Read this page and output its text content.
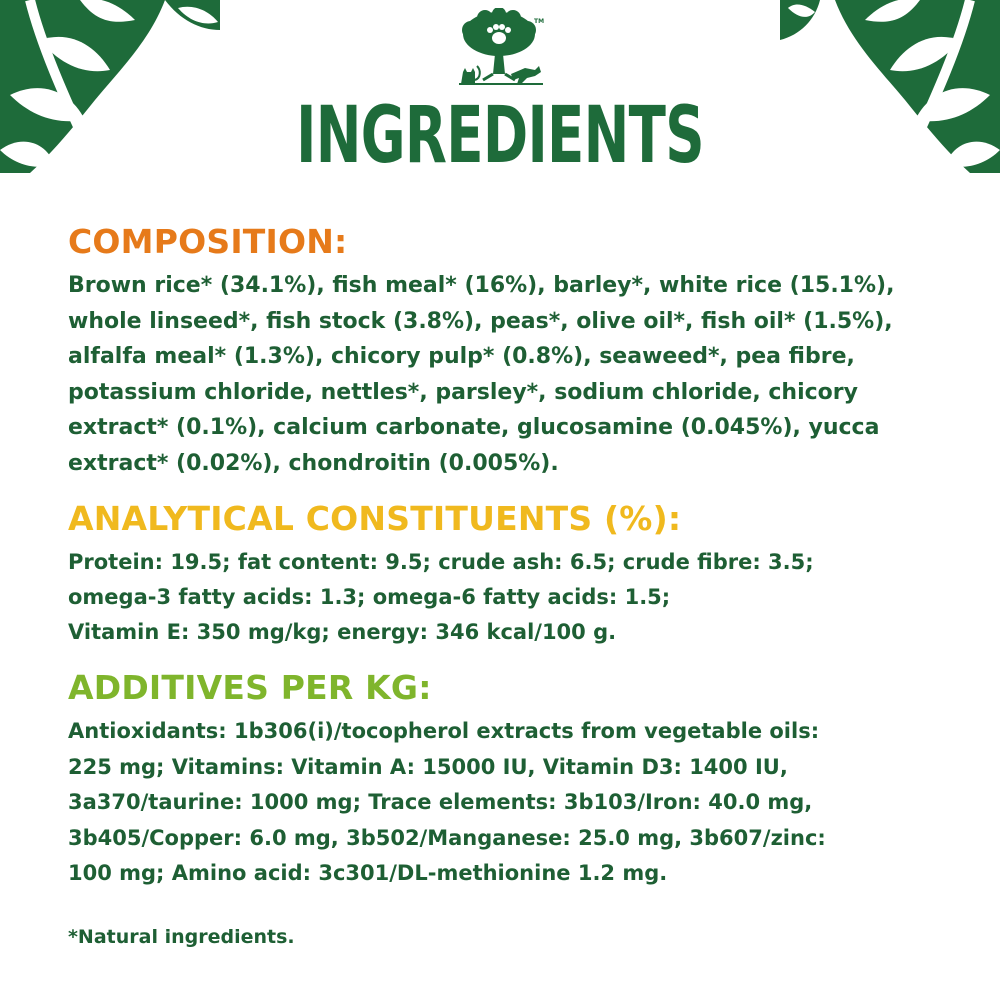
TM
INGREDIENTS
COMPOSITION:

Brown rice* (34.1%), fish meal* (16%), barley*, white rice (15.1%), whole linseed*, fish stock (3.8%), peas*, olive oil*, fish oil* (1.5%), alfalfa meal* (1.3%), chicory pulp* (0.8%), seaweed*, pea fibre, potassium chloride, nettles*, parsley*, sodium chloride, chicory extract* (0.1%), calcium carbonate, glucosamine (0.045%), yucca extract* (0.02%), chondroitin (0.005%).

ANALYTICAL CONSTITUENTS (%):
Protein: 19.5; fat content: 9.5; crude ash: 6.5; crude fibre: 3.5;
omega-3 fatty acids: 1.3; omega-6 fatty acids: 1.5;
Vitamin E: 350 mg/kg; energy: 346 kcal/100 g.
ADDITIVES PER KG:
Antioxidants: 1b306(i)/tocopherol extracts from vegetable oils:
225 mg; Vitamins: Vitamin A: 15000 IU, Vitamin D3: 1400 IU,
3a370/taurine: 1000 mg; Trace elements: 3b103/Iron: 40.0 mg,
3b405/Copper: 6.0 mg, 3b502/Manganese: 25.0 mg, 3b607/zinc:
100 mg; Amino acid: 3c301/DL-methionine 1.2 mg.

*Natural ingredients.
